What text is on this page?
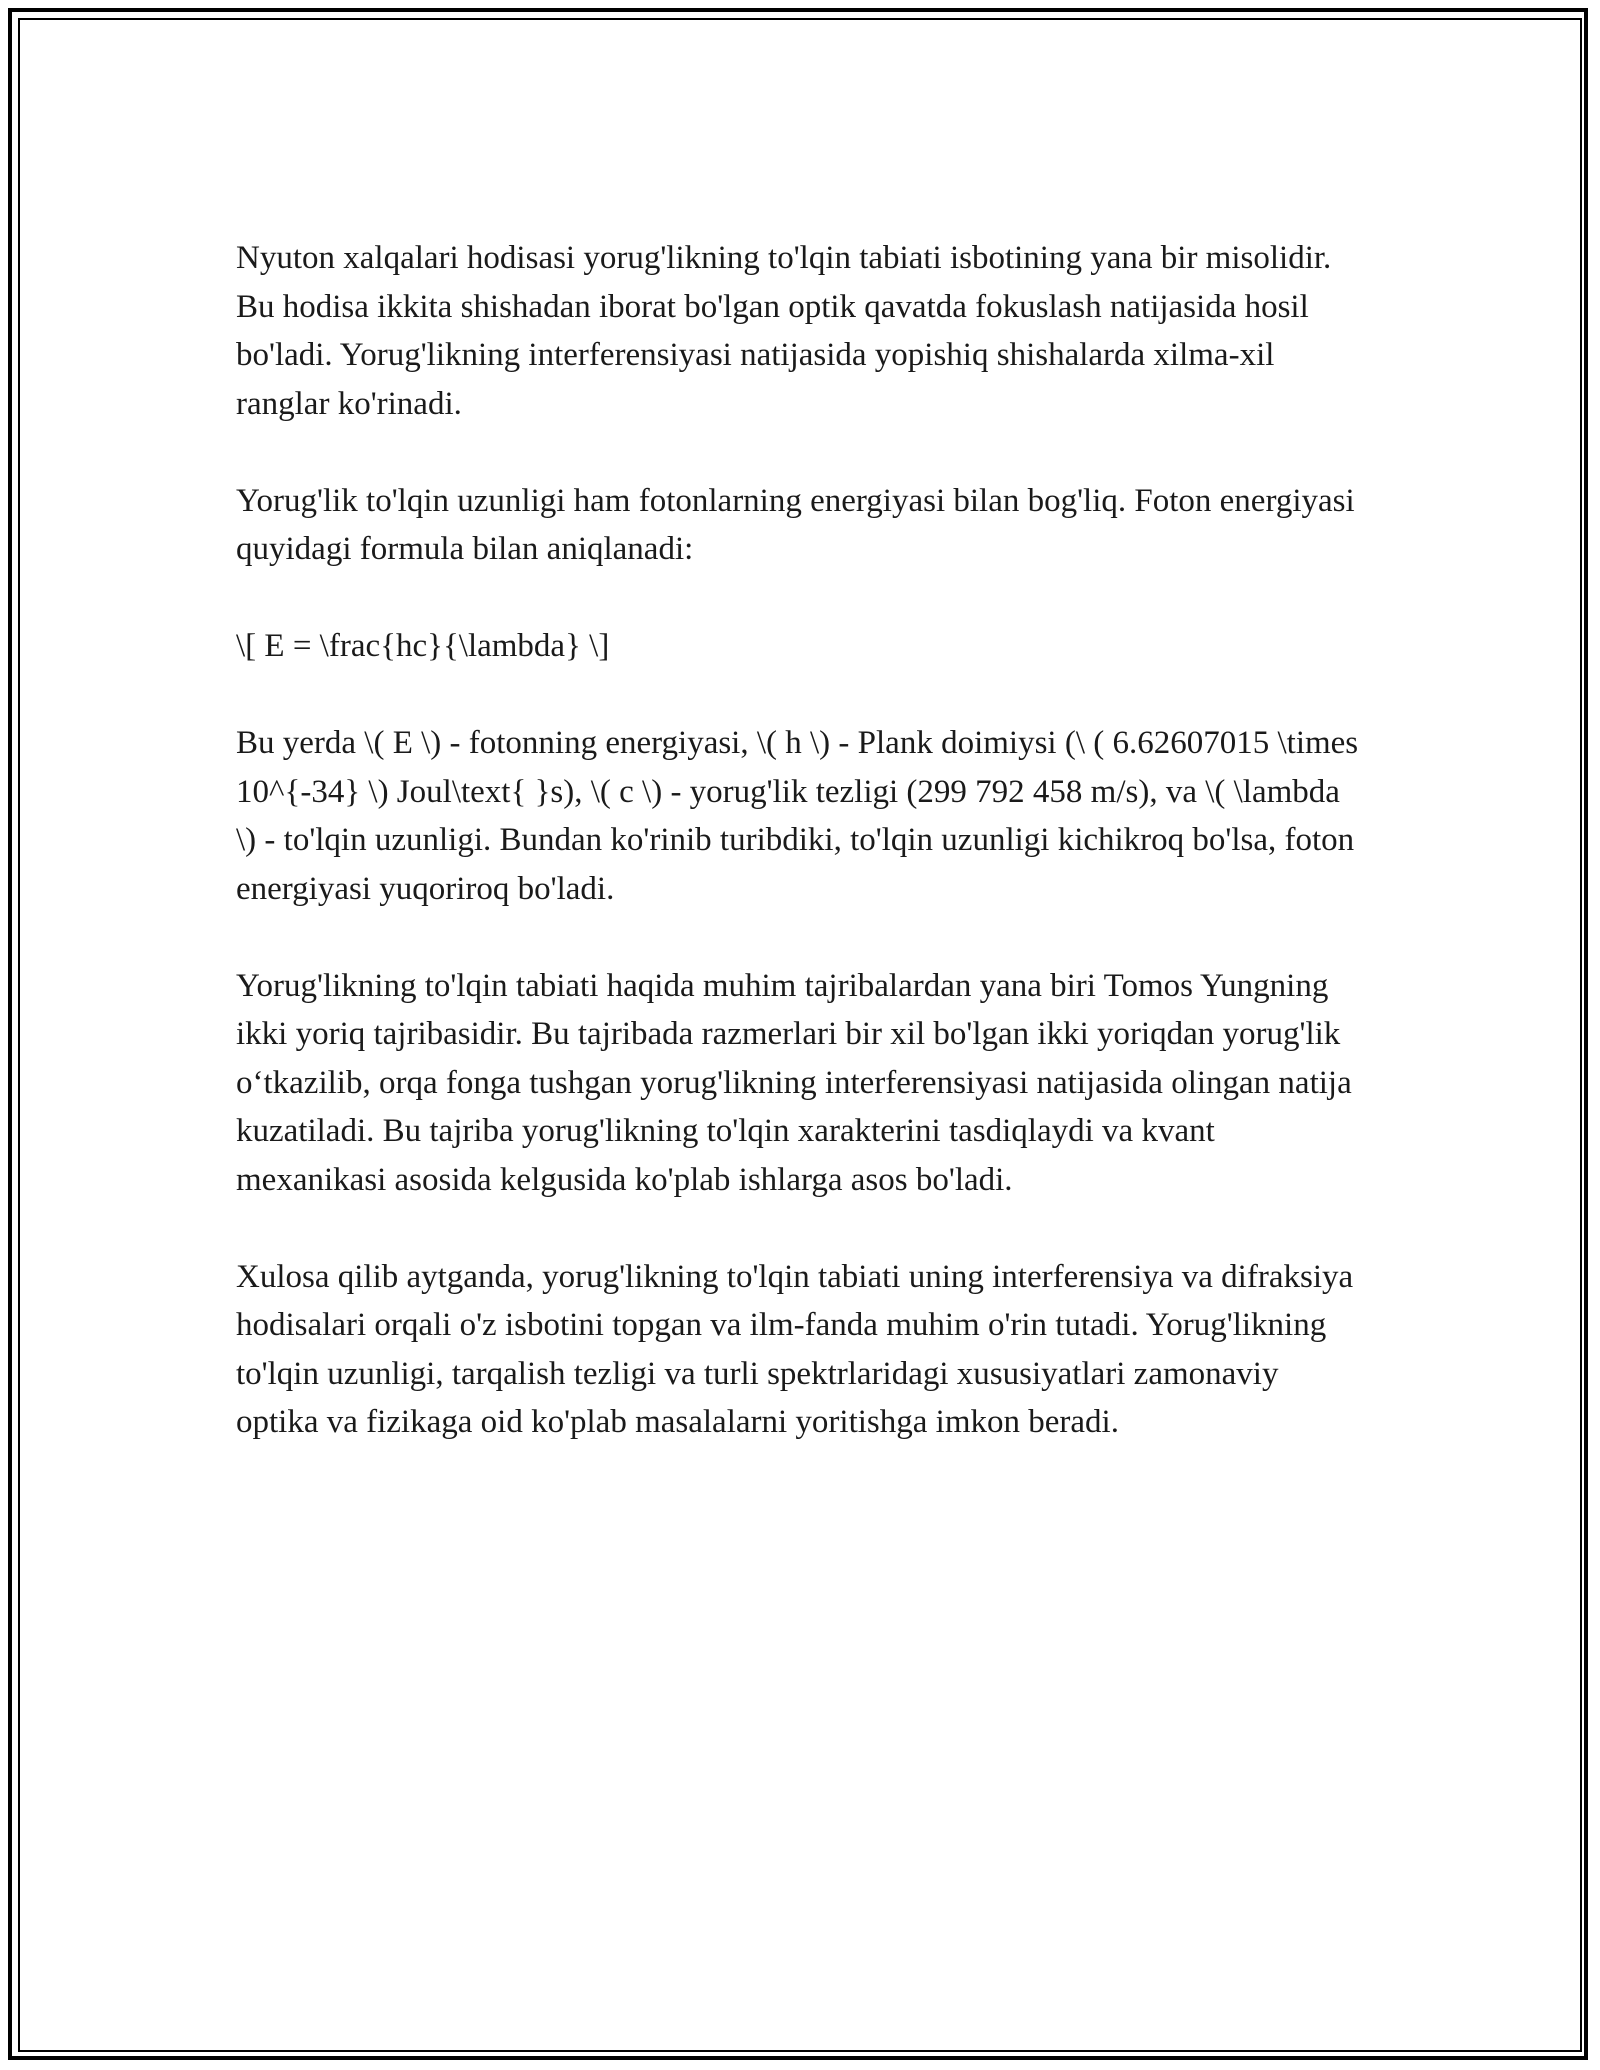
Nyuton xalqalari hodisasi yorug'likning to'lqin tabiati isbotining yana bir misolidir. Bu hodisa ikkita shishadan iborat bo'lgan optik qavatda fokuslash natijasida hosil bo'ladi. Yorug'likning interferensiyasi natijasida yopishiq shishalarda xilma-xil ranglar ko'rinadi.

Yorug'lik to'lqin uzunligi ham fotonlarning energiyasi bilan bog'liq. Foton energiyasi quyidagi formula bilan aniqlanadi:

\[ E = \frac{hc}{\lambda} \]

Bu yerda \( E \) - fotonning energiyasi, \( h \) - Plank doimiysi (\ ( 6.62607015 \times 10^{-34} \) Joul\text{ }s), \( c \) - yorug'lik tezligi (299 792 458 m/s), va \( \lambda \) - to'lqin uzunligi. Bundan ko'rinib turibdiki, to'lqin uzunligi kichikroq bo'lsa, foton energiyasi yuqoriroq bo'ladi.

Yorug'likning to'lqin tabiati haqida muhim tajribalardan yana biri Tomos Yungning ikki yoriq tajribasidir. Bu tajribada razmerlari bir xil bo'lgan ikki yoriqdan yorug'lik o‘tkazilib, orqa fonga tushgan yorug'likning interferensiyasi natijasida olingan natija kuzatiladi. Bu tajriba yorug'likning to'lqin xarakterini tasdiqlaydi va kvant mexanikasi asosida kelgusida ko'plab ishlarga asos bo'ladi.

Xulosa qilib aytganda, yorug'likning to'lqin tabiati uning interferensiya va difraksiya hodisalari orqali o'z isbotini topgan va ilm-fanda muhim o'rin tutadi. Yorug'likning to'lqin uzunligi, tarqalish tezligi va turli spektrlaridagi xususiyatlari zamonaviy optika va fizikaga oid ko'plab masalalarni yoritishga imkon beradi.
